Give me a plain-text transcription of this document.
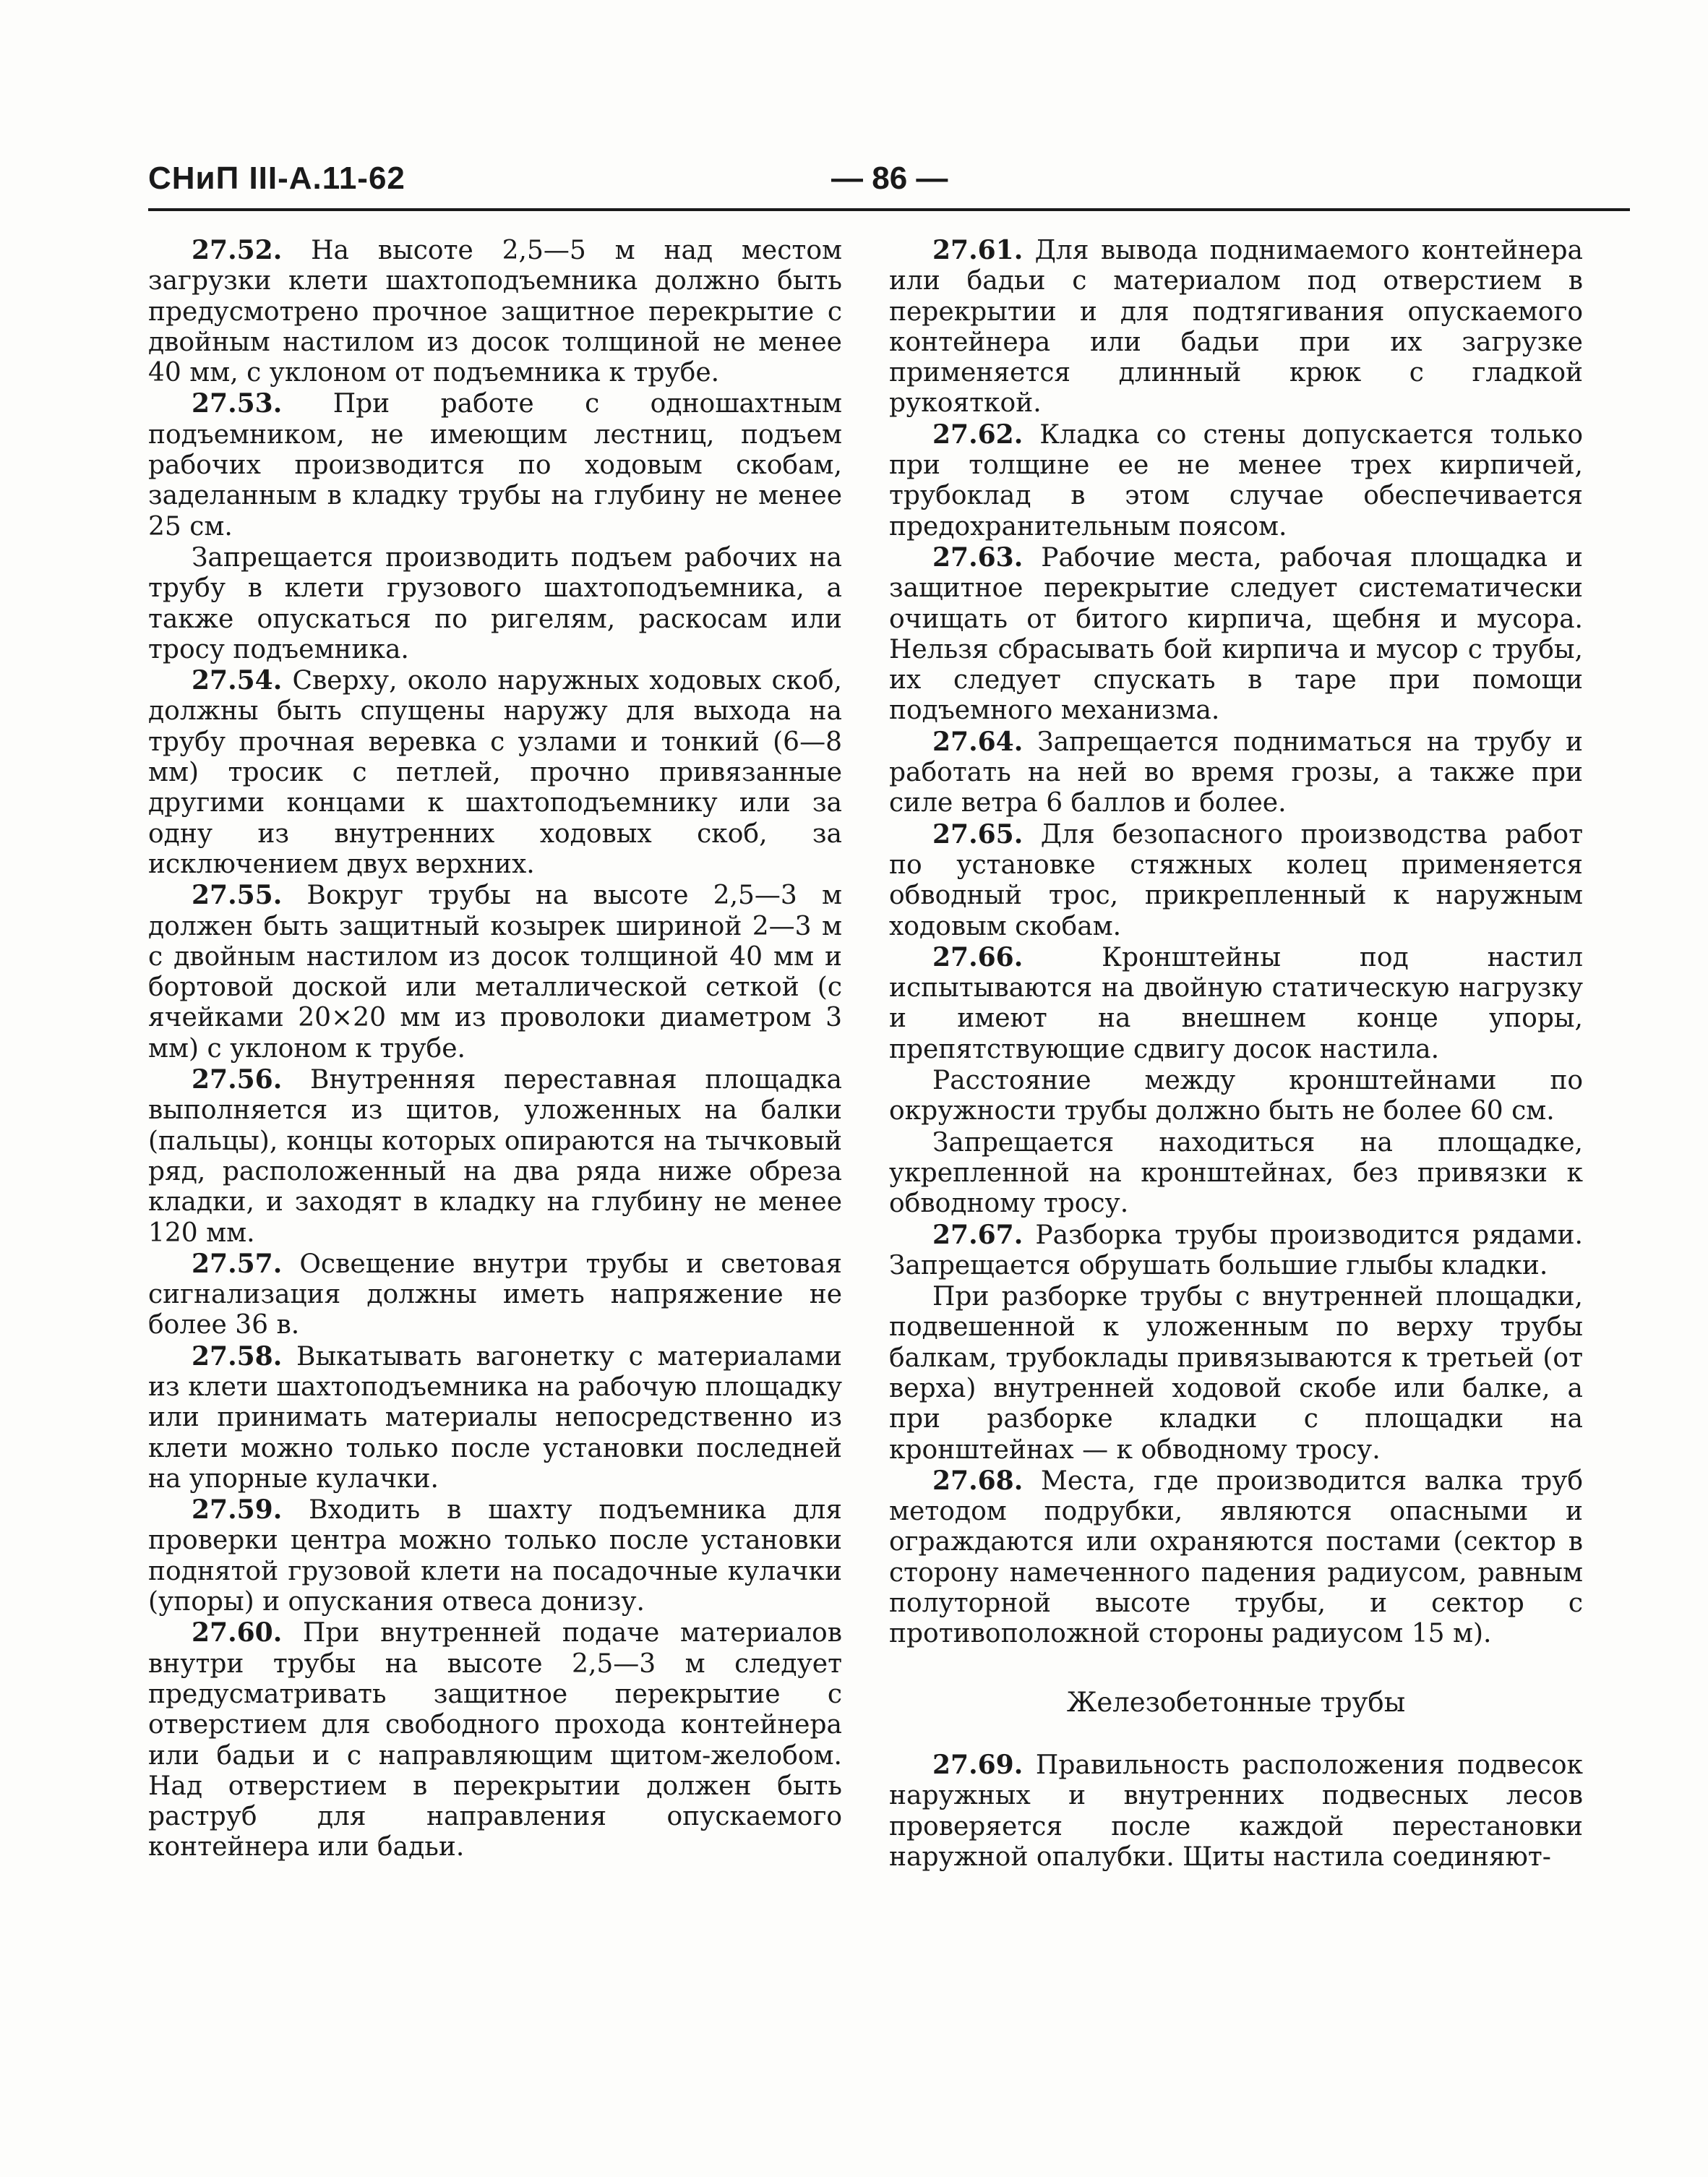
СНиП III-А.11-62	— 86 —

27.52. На высоте 2,5—5 м над местом загрузки клети шахтоподъемника должно быть предусмотрено прочное защитное перекрытие с двойным настилом из досок толщиной не менее 40 мм, с уклоном от подъемника к трубе.

27.53. При работе с одношахтным подъемником, не имеющим лестниц, подъем рабочих производится по ходовым скобам, заделанным в кладку трубы на глубину не менее 25 см.

Запрещается производить подъем рабочих на трубу в клети грузового шахтоподъемника, а также опускаться по ригелям, раскосам или тросу подъемника.

27.54. Сверху, около наружных ходовых скоб, должны быть спущены наружу для выхода на трубу прочная веревка с узлами и тонкий (6—8 мм) тросик с петлей, прочно привязанные другими концами к шахтоподъемнику или за одну из внутренних ходовых скоб, за исключением двух верхних.

27.55. Вокруг трубы на высоте 2,5—3 м должен быть защитный козырек шириной 2—3 м с двойным настилом из досок толщиной 40 мм и бортовой доской или металлической сеткой (с ячейками 20×20 мм из проволоки диаметром 3 мм) с уклоном к трубе.

27.56. Внутренняя переставная площадка выполняется из щитов, уложенных на балки (пальцы), концы которых опираются на тычковый ряд, расположенный на два ряда ниже обреза кладки, и заходят в кладку на глубину не менее 120 мм.

27.57. Освещение внутри трубы и световая сигнализация должны иметь напряжение не более 36 в.

27.58. Выкатывать вагонетку с материалами из клети шахтоподъемника на рабочую площадку или принимать материалы непосредственно из клети можно только после установки последней на упорные кулачки.

27.59. Входить в шахту подъемника для проверки центра можно только после установки поднятой грузовой клети на посадочные кулачки (упоры) и опускания отвеса донизу.

27.60. При внутренней подаче материалов внутри трубы на высоте 2,5—3 м следует предусматривать защитное перекрытие с отверстием для свободного прохода контейнера или бадьи и с направляющим щитом-желобом. Над отверстием в перекрытии должен быть раструб для направления опускаемого контейнера или бадьи.

27.61. Для вывода поднимаемого контейнера или бадьи с материалом под отверстием в перекрытии и для подтягивания опускаемого контейнера или бадьи при их загрузке применяется длинный крюк с гладкой рукояткой.

27.62. Кладка со стены допускается только при толщине ее не менее трех кирпичей, трубоклад в этом случае обеспечивается предохранительным поясом.

27.63. Рабочие места, рабочая площадка и защитное перекрытие следует систематически очищать от битого кирпича, щебня и мусора. Нельзя сбрасывать бой кирпича и мусор с трубы, их следует спускать в таре при помощи подъемного механизма.

27.64. Запрещается подниматься на трубу и работать на ней во время грозы, а также при силе ветра 6 баллов и более.

27.65. Для безопасного производства работ по установке стяжных колец применяется обводный трос, прикрепленный к наружным ходовым скобам.

27.66. Кронштейны под настил испытываются на двойную статическую нагрузку и имеют на внешнем конце упоры, препятствующие сдвигу досок настила.

Расстояние между кронштейнами по окружности трубы должно быть не более 60 см.

Запрещается находиться на площадке, укрепленной на кронштейнах, без привязки к обводному тросу.

27.67. Разборка трубы производится рядами. Запрещается обрушать большие глыбы кладки.

При разборке трубы с внутренней площадки, подвешенной к уложенным по верху трубы балкам, трубоклады привязываются к третьей (от верха) внутренней ходовой скобе или балке, а при разборке кладки с площадки на кронштейнах — к обводному тросу.

27.68. Места, где производится валка труб методом подрубки, являются опасными и ограждаются или охраняются постами (сектор в сторону намеченного падения радиусом, равным полуторной высоте трубы, и сектор с противоположной стороны радиусом 15 м).

Железобетонные трубы

27.69. Правильность расположения подвесок наружных и внутренних подвесных лесов проверяется после каждой перестановки наружной опалубки. Щиты настила соединяют-
